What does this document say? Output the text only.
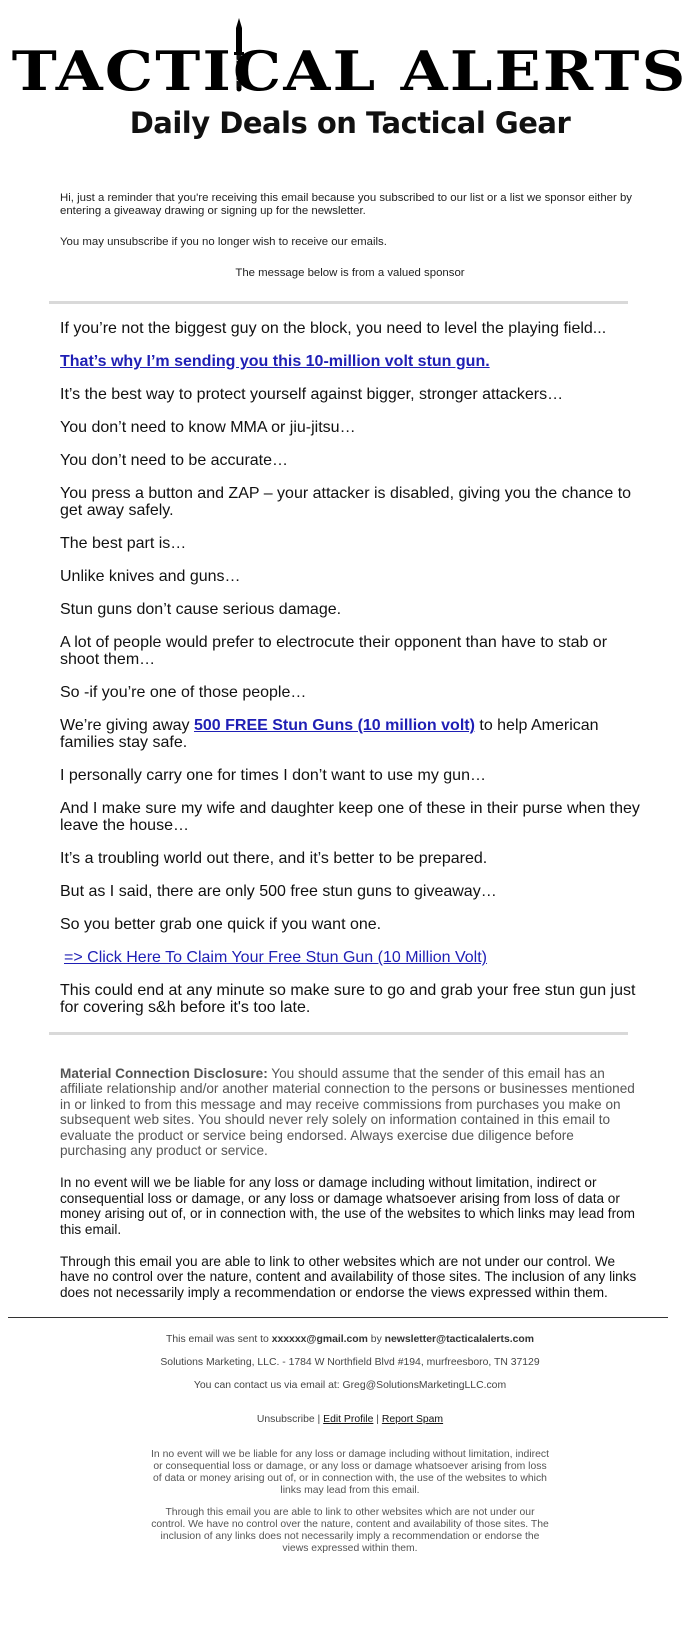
TACTICAL ALERTS
Daily Deals on Tactical Gear

Hi, just a reminder that you're receiving this email because you subscribed to our list or a list we sponsor either by entering a giveaway drawing or signing up for the newsletter.

You may unsubscribe if you no longer wish to receive our emails.

The message below is from a valued sponsor

If you’re not the biggest guy on the block, you need to level the playing field...

That’s why I’m sending you this 10-million volt stun gun.

It’s the best way to protect yourself against bigger, stronger attackers…

You don’t need to know MMA or jiu-jitsu…

You don’t need to be accurate…

You press a button and ZAP – your attacker is disabled, giving you the chance to get away safely.

The best part is…

Unlike knives and guns…

Stun guns don’t cause serious damage.

A lot of people would prefer to electrocute their opponent than have to stab or shoot them…

So -if you’re one of those people…

We’re giving away 500 FREE Stun Guns (10 million volt) to help American families stay safe.

I personally carry one for times I don’t want to use my gun…

And I make sure my wife and daughter keep one of these in their purse when they leave the house…

It’s a troubling world out there, and it’s better to be prepared.

But as I said, there are only 500 free stun guns to giveaway…

So you better grab one quick if you want one.

=> Click Here To Claim Your Free Stun Gun (10 Million Volt)

This could end at any minute so make sure to go and grab your free stun gun just for covering s&h before it's too late.

Material Connection Disclosure: You should assume that the sender of this email has an affiliate relationship and/or another material connection to the persons or businesses mentioned in or linked to from this message and may receive commissions from purchases you make on subsequent web sites. You should never rely solely on information contained in this email to evaluate the product or service being endorsed. Always exercise due diligence before purchasing any product or service.

In no event will we be liable for any loss or damage including without limitation, indirect or consequential loss or damage, or any loss or damage whatsoever arising from loss of data or money arising out of, or in connection with, the use of the websites to which links may lead from this email.

Through this email you are able to link to other websites which are not under our control. We have no control over the nature, content and availability of those sites. The inclusion of any links does not necessarily imply a recommendation or endorse the views expressed within them.

This email was sent to xxxxxx@gmail.com by newsletter@tacticalalerts.com

Solutions Marketing, LLC. - 1784 W Northfield Blvd #194, murfreesboro, TN 37129

You can contact us via email at: Greg@SolutionsMarketingLLC.com

Unsubscribe | Edit Profile | Report Spam

In no event will we be liable for any loss or damage including without limitation, indirect or consequential loss or damage, or any loss or damage whatsoever arising from loss of data or money arising out of, or in connection with, the use of the websites to which links may lead from this email.

Through this email you are able to link to other websites which are not under our control. We have no control over the nature, content and availability of those sites. The inclusion of any links does not necessarily imply a recommendation or endorse the views expressed within them.
